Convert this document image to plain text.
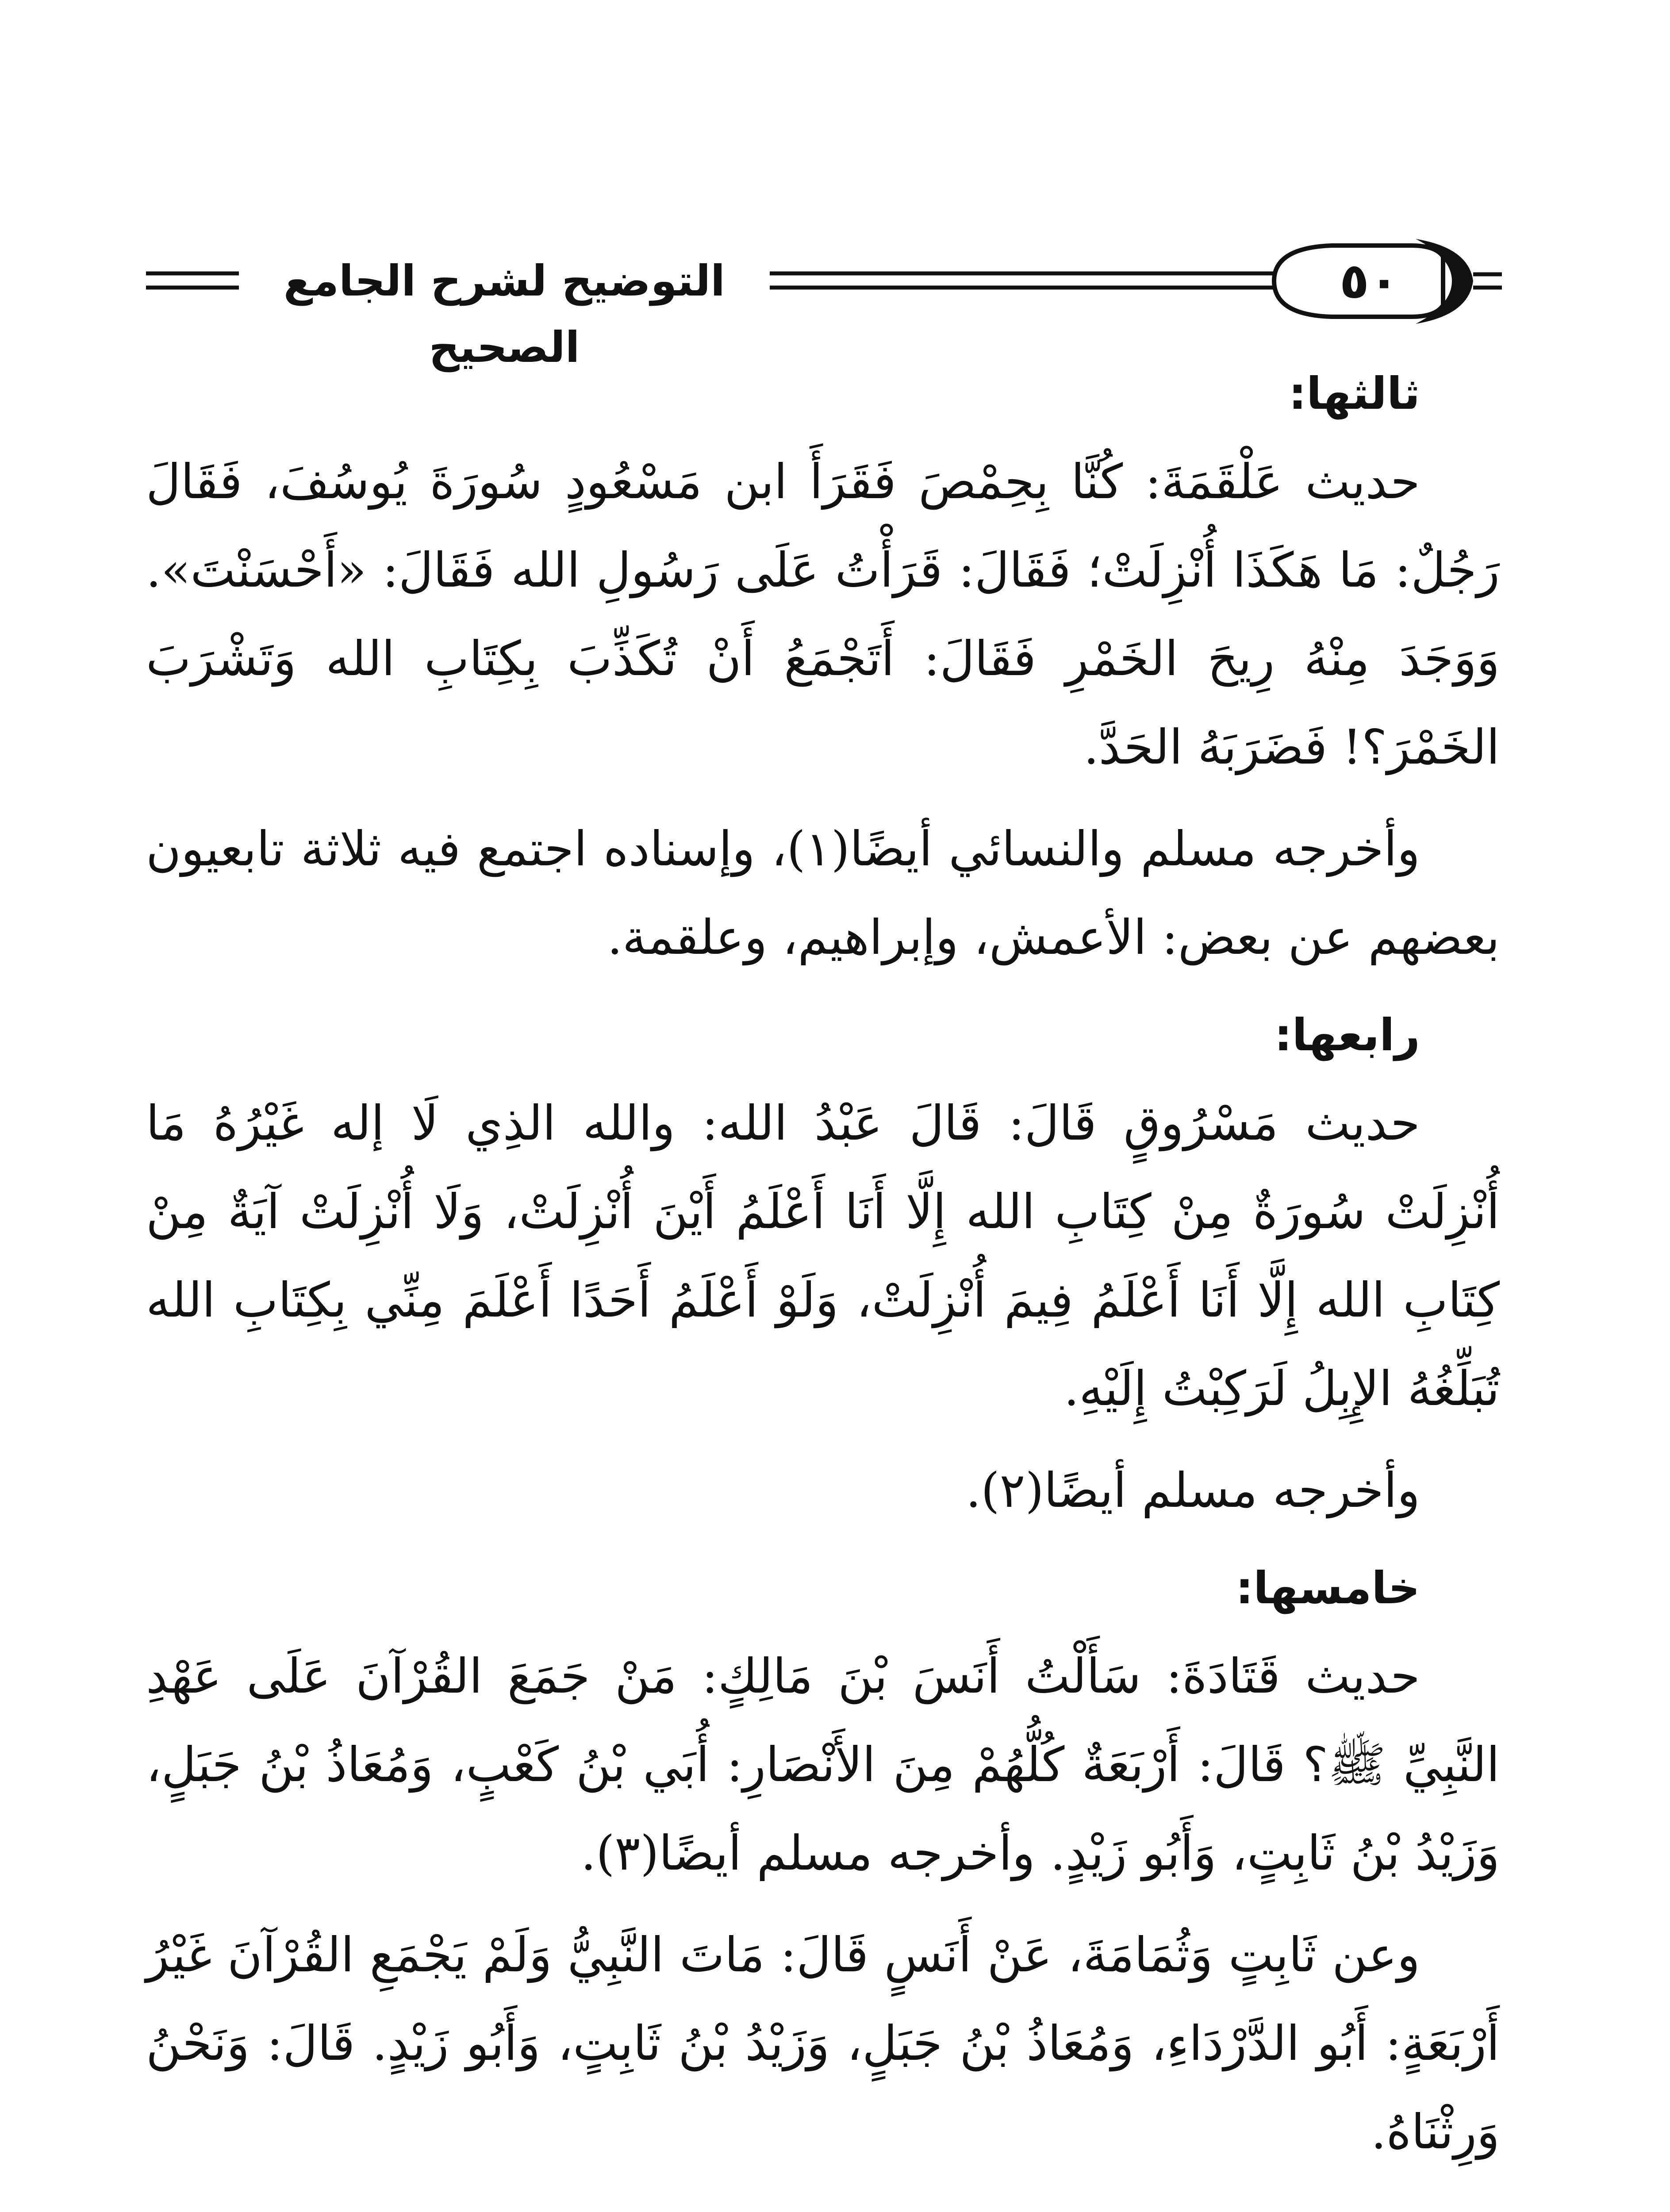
التوضيح لشرح الجامع الصحيح
٥٠
ثالثها:

حديث عَلْقَمَةَ: كُنَّا بِحِمْصَ فَقَرَأَ ابن مَسْعُودٍ سُورَةَ يُوسُفَ، فَقَالَ رَجُلٌ: مَا هَكَذَا أُنْزِلَتْ؛ فَقَالَ: قَرَأْتُ عَلَى رَسُولِ الله فَقَالَ: «أَحْسَنْتَ». وَوَجَدَ مِنْهُ رِيحَ الخَمْرِ فَقَالَ: أَتَجْمَعُ أَنْ تُكَذِّبَ بِكِتَابِ الله وَتَشْرَبَ الخَمْرَ؟! فَضَرَبَهُ الحَدَّ.

وأخرجه مسلم والنسائي أيضًا(١)، وإسناده اجتمع فيه ثلاثة تابعيون بعضهم عن بعض: الأعمش، وإبراهيم، وعلقمة.

رابعها:

حديث مَسْرُوقٍ قَالَ: قَالَ عَبْدُ الله: والله الذِي لَا إله غَيْرُهُ مَا أُنْزِلَتْ سُورَةٌ مِنْ كِتَابِ الله إِلَّا أَنَا أَعْلَمُ أَيْنَ أُنْزِلَتْ، وَلَا أُنْزِلَتْ آيَةٌ مِنْ كِتَابِ الله إِلَّا أَنَا أَعْلَمُ فِيمَ أُنْزِلَتْ، وَلَوْ أَعْلَمُ أَحَدًا أَعْلَمَ مِنِّي بِكِتَابِ الله تُبَلِّغُهُ الإِبِلُ لَرَكِبْتُ إِلَيْهِ.

وأخرجه مسلم أيضًا(٢).

خامسها:

حديث قَتَادَةَ: سَأَلْتُ أَنَسَ بْنَ مَالِكٍ: مَنْ جَمَعَ القُرْآنَ عَلَى عَهْدِ النَّبِيِّ ﷺ؟ قَالَ: أَرْبَعَةٌ كُلُّهُمْ مِنَ الأَنْصَارِ: أُبَي بْنُ كَعْبٍ، وَمُعَاذُ بْنُ جَبَلٍ، وَزَيْدُ بْنُ ثَابِتٍ، وَأَبُو زَيْدٍ. وأخرجه مسلم أيضًا(٣).

وعن ثَابِتٍ وَثُمَامَةَ، عَنْ أَنَسٍ قَالَ: مَاتَ النَّبِيُّ وَلَمْ يَجْمَعِ القُرْآنَ غَيْرُ أَرْبَعَةٍ: أَبُو الدَّرْدَاءِ، وَمُعَاذُ بْنُ جَبَلٍ، وَزَيْدُ بْنُ ثَابِتٍ، وَأَبُو زَيْدٍ. قَالَ: وَنَحْنُ وَرِثْنَاهُ.
